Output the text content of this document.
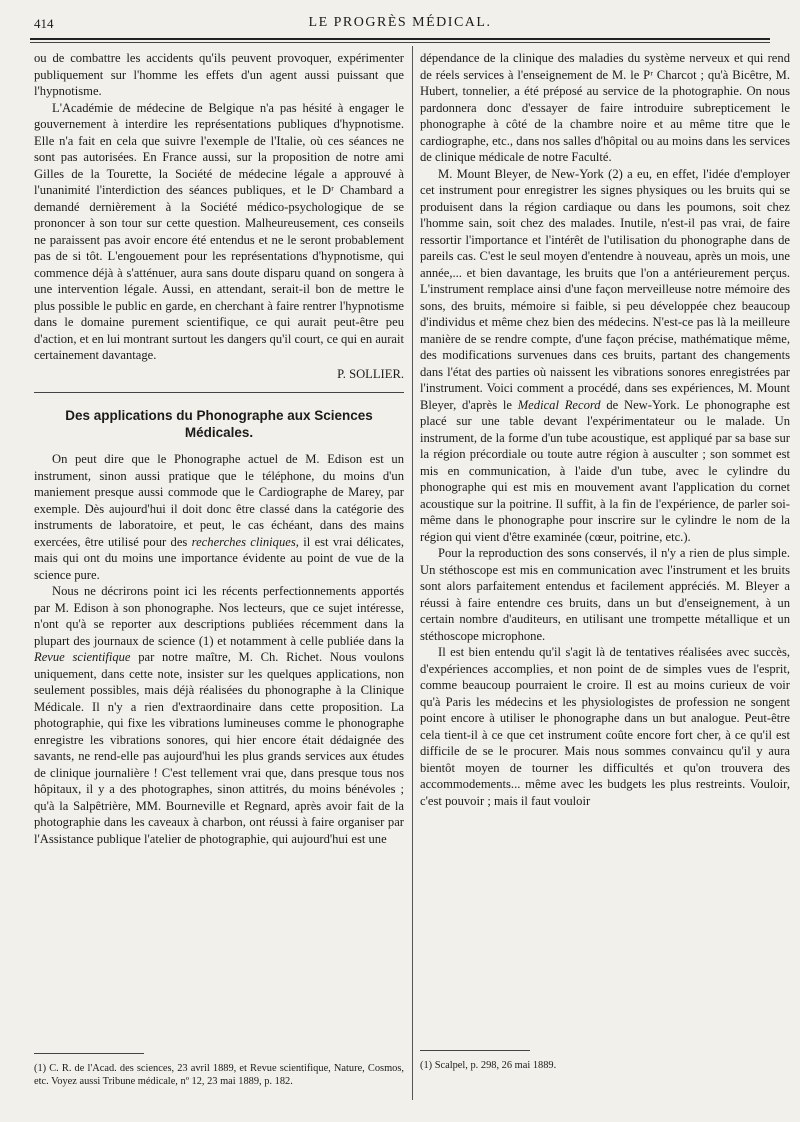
414	LE PROGRÈS MÉDICAL.

ou de combattre les accidents qu'ils peuvent provoquer, expérimenter publiquement sur l'homme les effets d'un agent aussi puissant que l'hypnotisme.

L'Académie de médecine de Belgique n'a pas hésité à engager le gouvernement à interdire les représentations publiques d'hypnotisme. Elle n'a fait en cela que suivre l'exemple de l'Italie, où ces séances ne sont pas autorisées. En France aussi, sur la proposition de notre ami Gilles de la Tourette, la Société de médecine légale a approuvé à l'unanimité l'interdiction des séances publiques, et le Dʳ Chambard a demandé dernièrement à la Société médico-psychologique de se prononcer à son tour sur cette question. Malheureusement, ces conseils ne paraissent pas avoir encore été entendus et ne le seront probablement pas de si tôt. L'engouement pour les représentations d'hypnotisme, qui commence déjà à s'atténuer, aura sans doute disparu quand on songera à une intervention légale. Aussi, en attendant, serait-il bon de mettre le plus possible le public en garde, en cherchant à faire rentrer l'hypnotisme dans le domaine purement scientifique, ce qui aurait peut-être peu d'action, et en lui montrant surtout les dangers qu'il court, ce qui en aurait certainement davantage.

P. SOLLIER.
Des applications du Phonographe aux Sciences Médicales.

On peut dire que le Phonographe actuel de M. Edison est un instrument, sinon aussi pratique que le téléphone, du moins d'un maniement presque aussi commode que le Cardiographe de Marey, par exemple. Dès aujourd'hui il doit donc être classé dans la catégorie des instruments de laboratoire, et peut, le cas échéant, dans des mains exercées, être utilisé pour des recherches cliniques, il est vrai délicates, mais qui ont du moins une importance évidente au point de vue de la science pure.

Nous ne décrirons point ici les récents perfectionnements apportés par M. Edison à son phonographe. Nos lecteurs, que ce sujet intéresse, n'ont qu'à se reporter aux descriptions publiées récemment dans la plupart des journaux de science (1) et notamment à celle publiée dans la Revue scientifique par notre maître, M. Ch. Richet. Nous voulons uniquement, dans cette note, insister sur les quelques applications, non seulement possibles, mais déjà réalisées du phonographe à la Clinique Médicale. Il n'y a rien d'extraordinaire dans cette proposition. La photographie, qui fixe les vibrations lumineuses comme le phonographe enregistre les vibrations sonores, qui hier encore était dédaignée des savants, ne rend-elle pas aujourd'hui les plus grands services aux études de clinique journalière ! C'est tellement vrai que, dans presque tous nos hôpitaux, il y a des photographes, sinon attitrés, du moins bénévoles ; qu'à la Salpêtrière, MM. Bourneville et Regnard, après avoir fait de la photographie dans les caveaux à charbon, ont réussi à faire organiser par l'Assistance publique l'atelier de photographie, qui aujourd'hui est une

(1) C. R. de l'Acad. des sciences, 23 avril 1889, et Revue scientifique, Nature, Cosmos, etc. Voyez aussi Tribune médicale, nº 12, 23 mai 1889, p. 182.

dépendance de la clinique des maladies du système nerveux et qui rend de réels services à l'enseignement de M. le Pʳ Charcot ; qu'à Bicêtre, M. Hubert, tonnelier, a été préposé au service de la photographie. On nous pardonnera donc d'essayer de faire introduire subrepticement le phonographe à côté de la chambre noire et au même titre que le cardiographe, etc., dans nos salles d'hôpital ou au moins dans les services de clinique médicale de notre Faculté.

M. Mount Bleyer, de New-York (2) a eu, en effet, l'idée d'employer cet instrument pour enregistrer les signes physiques ou les bruits qui se produisent dans la région cardiaque ou dans les poumons, soit chez l'homme sain, soit chez des malades. Inutile, n'est-il pas vrai, de faire ressortir l'importance et l'intérêt de l'utilisation du phonographe dans de pareils cas. C'est le seul moyen d'entendre à nouveau, après un mois, une année,... et bien davantage, les bruits que l'on a antérieurement perçus. L'instrument remplace ainsi d'une façon merveilleuse notre mémoire des sons, des bruits, mémoire si faible, si peu développée chez beaucoup d'individus et même chez bien des médecins. N'est-ce pas là la meilleure manière de se rendre compte, d'une façon précise, mathématique même, des modifications survenues dans ces bruits, partant des changements dans l'état des parties où naissent les vibrations sonores enregistrées par l'instrument. Voici comment a procédé, dans ses expériences, M. Mount Bleyer, d'après le Medical Record de New-York. Le phonographe est placé sur une table devant l'expérimentateur ou le malade. Un instrument, de la forme d'un tube acoustique, est appliqué par sa base sur la région précordiale ou toute autre région à ausculter ; son sommet est mis en communication, à l'aide d'un tube, avec le cylindre du phonographe qui est mis en mouvement avant l'application du cornet acoustique sur la poitrine. Il suffit, à la fin de l'expérience, de parler soi-même dans le phonographe pour inscrire sur le cylindre le nom de la région qui vient d'être examinée (cœur, poitrine, etc.).

Pour la reproduction des sons conservés, il n'y a rien de plus simple. Un stéthoscope est mis en communication avec l'instrument et les bruits sont alors parfaitement entendus et facilement appréciés. M. Bleyer a réussi à faire entendre ces bruits, dans un but d'enseignement, à un certain nombre d'auditeurs, en utilisant une trompette métallique et un stéthoscope microphone.

Il est bien entendu qu'il s'agit là de tentatives réalisées avec succès, d'expériences accomplies, et non point de de simples vues de l'esprit, comme beaucoup pourraient le croire. Il est au moins curieux de voir qu'à Paris les médecins et les physiologistes de profession ne songent point encore à utiliser le phonographe dans un but analogue. Peut-être cela tient-il à ce que cet instrument coûte encore fort cher, à ce qu'il est difficile de se le procurer. Mais nous sommes convaincu qu'il y aura bientôt moyen de tourner les difficultés et qu'on trouvera des accommodements... même avec les budgets les plus restreints. Vouloir, c'est pouvoir ; mais il faut vouloir

(1) Scalpel, p. 298, 26 mai 1889.
